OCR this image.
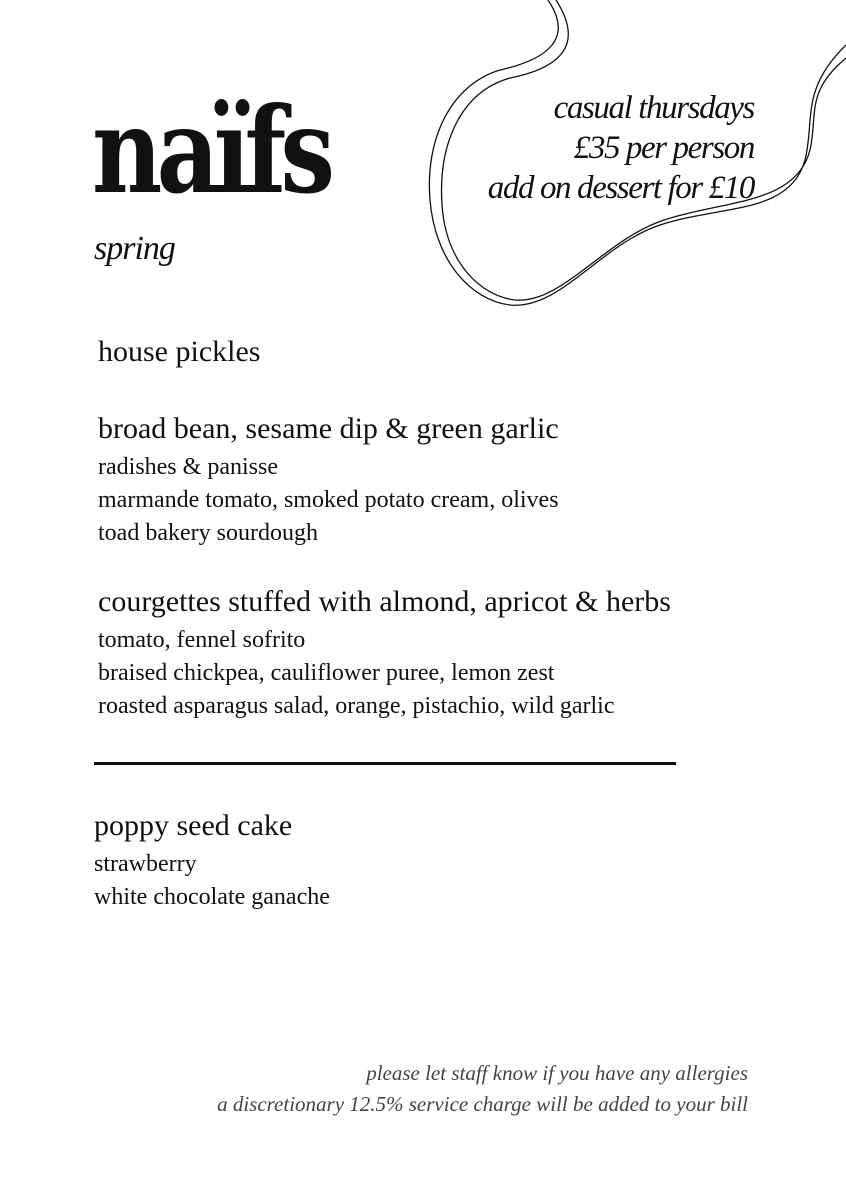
naïfs
spring
casual thursdays
£35 per person
add on dessert for £10
house pickles
broad bean, sesame dip & green garlic
radishes & panisse
marmande tomato, smoked potato cream, olives
toad bakery sourdough
courgettes stuffed with almond, apricot & herbs
tomato, fennel sofrito
braised chickpea, cauliflower puree, lemon zest
roasted asparagus salad, orange, pistachio, wild garlic
poppy seed cake
strawberry
white chocolate ganache
please let staff know if you have any allergies
a discretionary 12.5% service charge will be added to your bill
